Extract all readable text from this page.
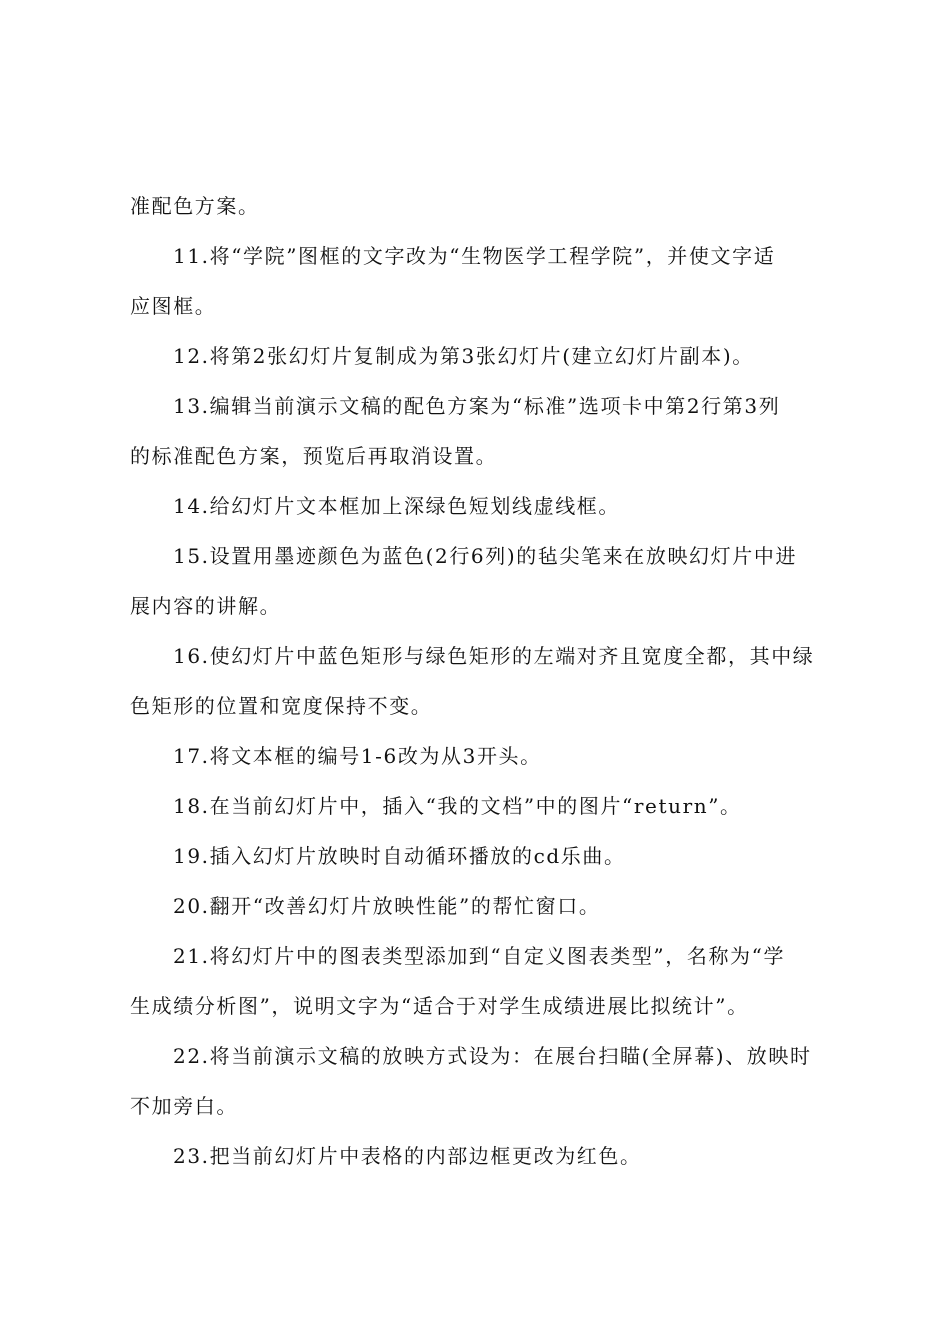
准配色方案。
11.将“学院”图框的文字改为“生物医学工程学院”，并使文字适
应图框。
12.将第2张幻灯片复制成为第3张幻灯片(建立幻灯片副本)。
13.编辑当前演示文稿的配色方案为“标准”选项卡中第2行第3列
的标准配色方案，预览后再取消设置。
14.给幻灯片文本框加上深绿色短划线虚线框。
15.设置用墨迹颜色为蓝色(2行6列)的毡尖笔来在放映幻灯片中进
展内容的讲解。
16.使幻灯片中蓝色矩形与绿色矩形的左端对齐且宽度全都，其中绿
色矩形的位置和宽度保持不变。
17.将文本框的编号1-6改为从3开头。
18.在当前幻灯片中，插入“我的文档”中的图片“return”。
19.插入幻灯片放映时自动循环播放的cd乐曲。
20.翻开“改善幻灯片放映性能”的帮忙窗口。
21.将幻灯片中的图表类型添加到“自定义图表类型”，名称为“学
生成绩分析图”，说明文字为“适合于对学生成绩进展比拟统计”。
22.将当前演示文稿的放映方式设为：在展台扫瞄(全屏幕)、放映时
不加旁白。
23.把当前幻灯片中表格的内部边框更改为红色。
